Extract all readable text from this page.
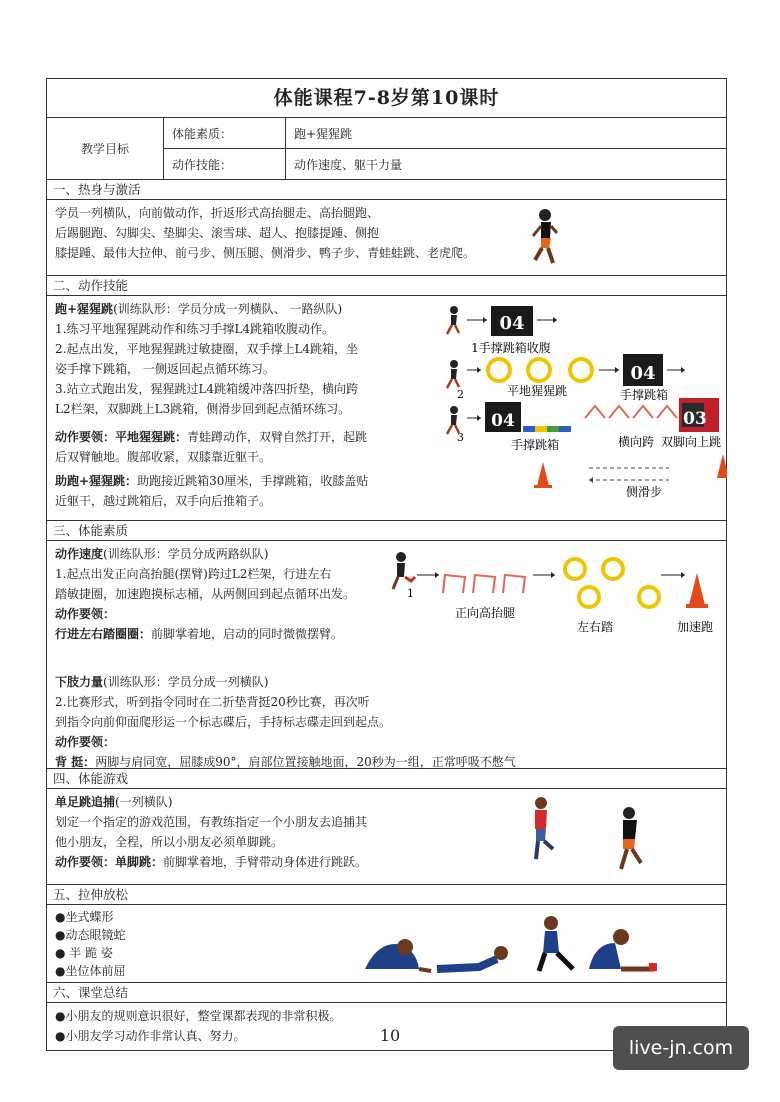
体能课程7-8岁第10课时
教学目标	体能素质：	跑+猩猩跳
	动作技能：	动作速度、躯干力量
一、热身与激活

学员一列横队，向前做动作，折返形式高抬腿走、高抬腿跑、

后踢腿跑、勾脚尖、垫脚尖、滚雪球、超人、抱膝提踵、侧抱

膝提踵、最伟大拉伸、前弓步、侧压腿、侧滑步、鸭子步、青蛙蛙跳、老虎爬。

二、动作技能

跑+猩猩跳(训练队形：学员分成一列横队、 一路纵队)

1.练习平地猩猩跳动作和练习手撑L4跳箱收腹动作。

2.起点出发，平地猩猩跳过敏捷圈，双手撑上L4跳箱，坐

姿手撑下跳箱， 一侧返回起点循环练习。

3.站立式跑出发，猩猩跳过L4跳箱缓冲落四折垫，横向跨

L2栏架，双脚跳上L3跳箱，侧滑步回到起点循环练习。

动作要领：平地猩猩跳：青蛙蹲动作，双臂自然打开，起跳

后双臂触地。腹部收紧，双膝靠近躯干。

助跑+猩猩跳：助跑接近跳箱30厘米，手撑跳箱，收膝盖贴

近躯干，越过跳箱后，双手向后推箱子。

04
1手撑跳箱收腹
2
04
平地猩猩跳	手撑跳箱
3
04	03
手撑跳箱	横向跨 双脚向上跳
侧滑步
三、体能素质

动作速度(训练队形：学员分成两路纵队)

1.起点出发正向高抬腿(摆臂)跨过L2栏架，行进左右

踏敏捷圈，加速跑摸标志桶，从两侧回到起点循环出发。

动作要领：

行进左右踏圈圈：前脚掌着地，启动的同时微微摆臂。

下肢力量(训练队形：学员分成一列横队)

2.比赛形式，听到指令同时在二折垫背挺20秒比赛，再次听

到指令向前仰面爬形运一个标志碟后，手持标志碟走回到起点。

动作要领：

背 挺：两脚与肩同宽，屈膝成90°，肩部位置接触地面，20秒为一组，正常呼吸不憋气

1
正向高抬腿
左右踏	加速跑
四、体能游戏

单足跳追捕(一列横队)

划定一个指定的游戏范围，有教练指定一个小朋友去追捕其

他小朋友，全程，所以小朋友必须单脚跳。

动作要领：单脚跳：前脚掌着地，手臂带动身体进行跳跃。

五、拉伸放松

●坐式蝶形

●动态眼镜蛇

● 半 跪 姿

●坐位体前屈

六、课堂总结

●小朋友的规则意识很好，整堂课都表现的非常积极。

●小朋友学习动作非常认真、努力。	10
live-jn.com
